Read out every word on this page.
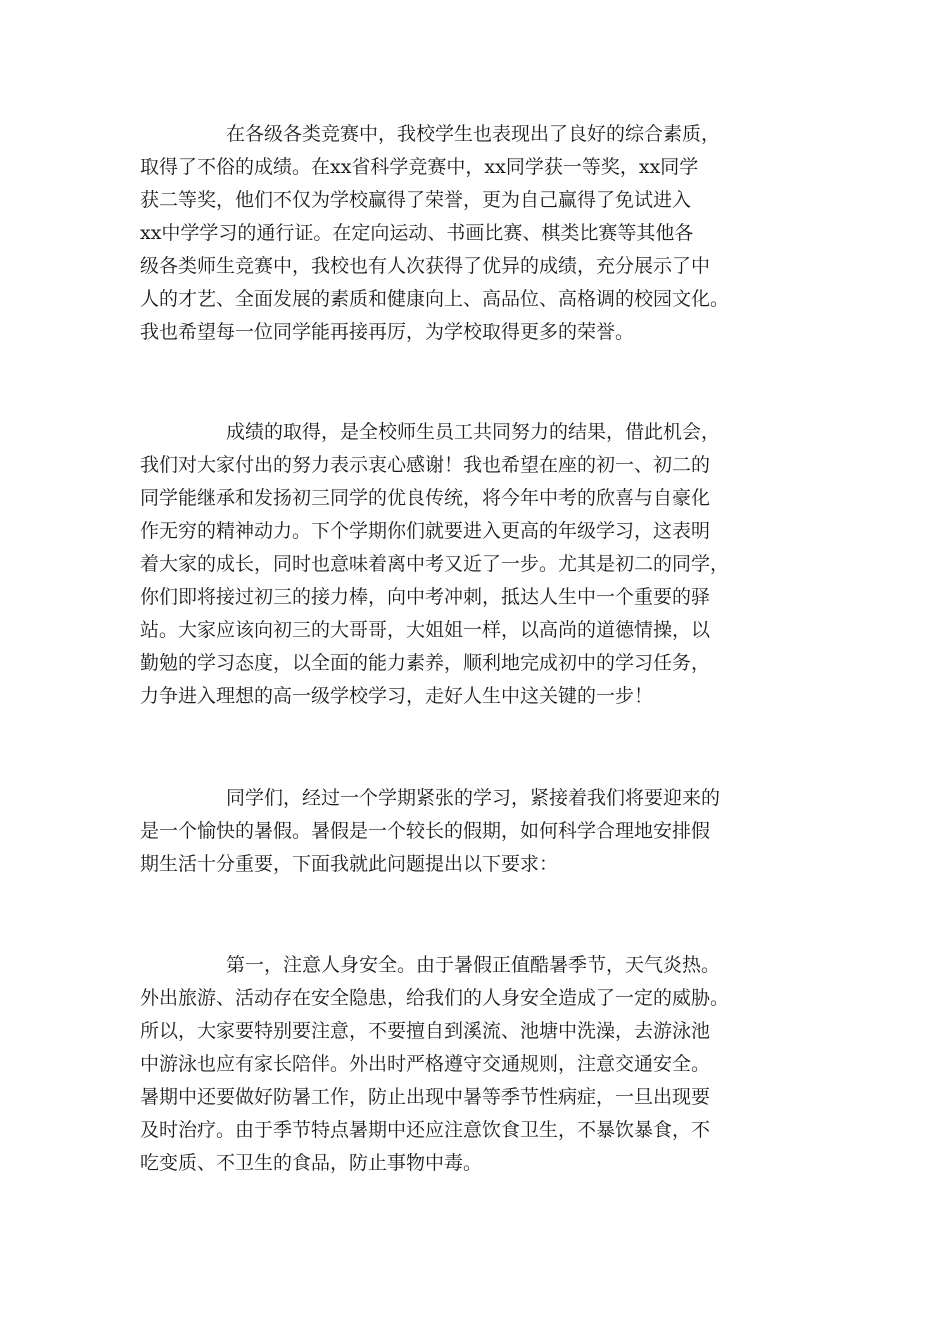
在各级各类竞赛中，我校学生也表现出了良好的综合素质，
取得了不俗的成绩。在xx省科学竞赛中，xx同学获一等奖，xx同学
获二等奖，他们不仅为学校赢得了荣誉，更为自己赢得了免试进入
xx中学学习的通行证。在定向运动、书画比赛、棋类比赛等其他各
级各类师生竞赛中，我校也有人次获得了优异的成绩，充分展示了中
人的才艺、全面发展的素质和健康向上、高品位、高格调的校园文化。
我也希望每一位同学能再接再厉，为学校取得更多的荣誉。
成绩的取得，是全校师生员工共同努力的结果，借此机会，
我们对大家付出的努力表示衷心感谢！我也希望在座的初一、初二的
同学能继承和发扬初三同学的优良传统，将今年中考的欣喜与自豪化
作无穷的精神动力。下个学期你们就要进入更高的年级学习，这表明
着大家的成长，同时也意味着离中考又近了一步。尤其是初二的同学，
你们即将接过初三的接力棒，向中考冲刺，抵达人生中一个重要的驿
站。大家应该向初三的大哥哥，大姐姐一样，以高尚的道德情操，以
勤勉的学习态度，以全面的能力素养，顺利地完成初中的学习任务，
力争进入理想的高一级学校学习，走好人生中这关键的一步！
同学们，经过一个学期紧张的学习，紧接着我们将要迎来的
是一个愉快的暑假。暑假是一个较长的假期，如何科学合理地安排假
期生活十分重要，下面我就此问题提出以下要求：
第一，注意人身安全。由于暑假正值酷暑季节，天气炎热。
外出旅游、活动存在安全隐患，给我们的人身安全造成了一定的威胁。
所以，大家要特别要注意，不要擅自到溪流、池塘中洗澡，去游泳池
中游泳也应有家长陪伴。外出时严格遵守交通规则，注意交通安全。
暑期中还要做好防暑工作，防止出现中暑等季节性病症，一旦出现要
及时治疗。由于季节特点暑期中还应注意饮食卫生，不暴饮暴食，不
吃变质、不卫生的食品，防止事物中毒。
